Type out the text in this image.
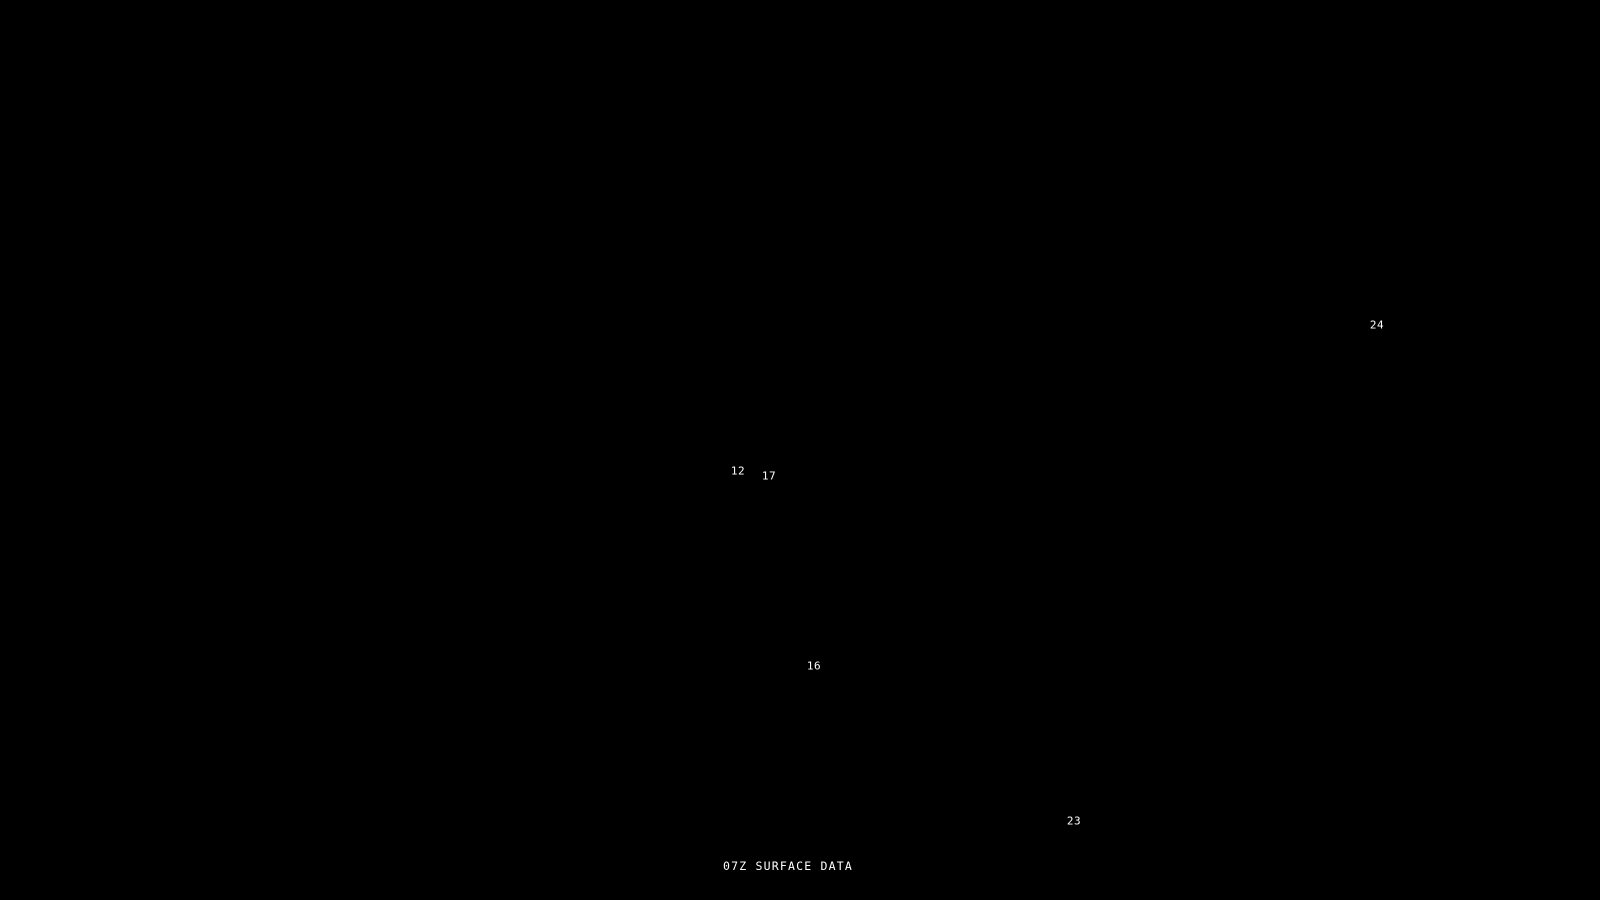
24
12 17
16
23
07Z SURFACE DATA
